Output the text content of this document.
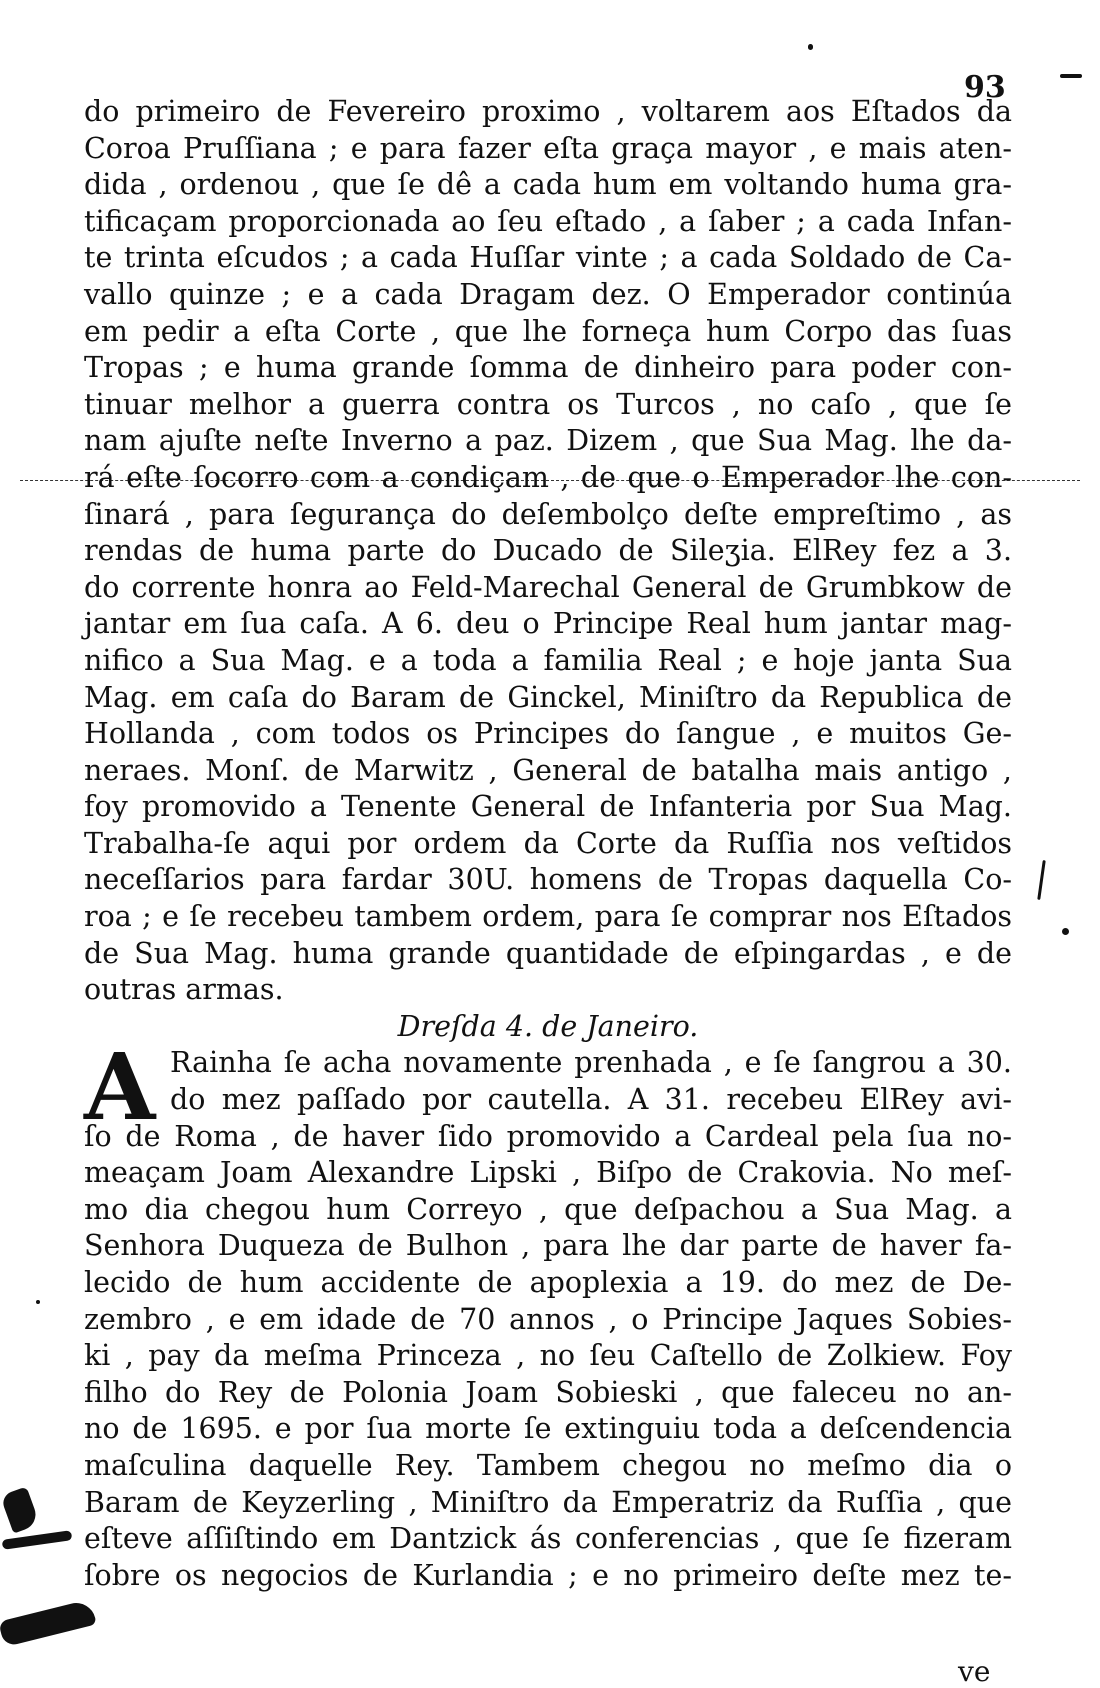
93
do primeiro de Fevereiro proximo , voltarem aos Eſtados da
Coroa Pruſſiana ; e para fazer eſta graça mayor , e mais aten-
dida , ordenou , que ſe dê a cada hum em voltando huma gra-
tificaçam proporcionada ao ſeu eſtado , a ſaber ; a cada Infan-
te trinta eſcudos ; a cada Huſſar vinte ; a cada Soldado de Ca-
vallo quinze ; e a cada Dragam dez. O Emperador continúa
em pedir a eſta Corte , que lhe forneça hum Corpo das ſuas
Tropas ; e huma grande ſomma de dinheiro para poder con-
tinuar melhor a guerra contra os Turcos , no caſo , que ſe
nam ajuſte neſte Inverno a paz. Dizem , que Sua Mag. lhe da-
rá eſte ſocorro com a condiçam , de que o Emperador lhe con-
ſinará , para ſegurança do deſembolço deſte empreſtimo , as
rendas de huma parte do Ducado de Sileʒia. ElRey fez a 3.
do corrente honra ao Feld-Marechal General de Grumbkow de
jantar em ſua caſa. A 6. deu o Principe Real hum jantar mag-
nifico a Sua Mag. e a toda a familia Real ; e hoje janta Sua
Mag. em caſa do Baram de Ginckel, Miniſtro da Republica de
Hollanda , com todos os Principes do ſangue , e muitos Ge-
neraes. Monſ. de Marwitz , General de batalha mais antigo ,
foy promovido a Tenente General de Infanteria por Sua Mag.
Trabalha-ſe aqui por ordem da Corte da Ruſſia nos veſtidos
neceſſarios para fardar 30U. homens de Tropas daquella Co-
roa ; e ſe recebeu tambem ordem, para ſe comprar nos Eſtados
de Sua Mag. huma grande quantidade de eſpingardas , e de
outras armas.
Dreſda 4. de Janeiro.
A Rainha ſe acha novamente prenhada , e ſe ſangrou a 30.
do mez paſſado por cautella. A 31. recebeu ElRey avi-
ſo de Roma , de haver ſido promovido a Cardeal pela ſua no-
meaçam Joam Alexandre Lipski , Biſpo de Crakovia. No meſ-
mo dia chegou hum Correyo , que deſpachou a Sua Mag. a
Senhora Duqueza de Bulhon , para lhe dar parte de haver fa-
lecido de hum accidente de apoplexia a 19. do mez de De-
zembro , e em idade de 70 annos , o Principe Jaques Sobies-
ki , pay da meſma Princeza , no ſeu Caſtello de Zolkiew. Foy
filho do Rey de Polonia Joam Sobieski , que faleceu no an-
no de 1695. e por ſua morte ſe extinguiu toda a deſcendencia
maſculina daquelle Rey. Tambem chegou no meſmo dia o
Baram de Keyzerling , Miniſtro da Emperatriz da Ruſſia , que
eſteve aſſiſtindo em Dantzick ás conferencias , que ſe fizeram
ſobre os negocios de Kurlandia ; e no primeiro deſte mez te-
ve
